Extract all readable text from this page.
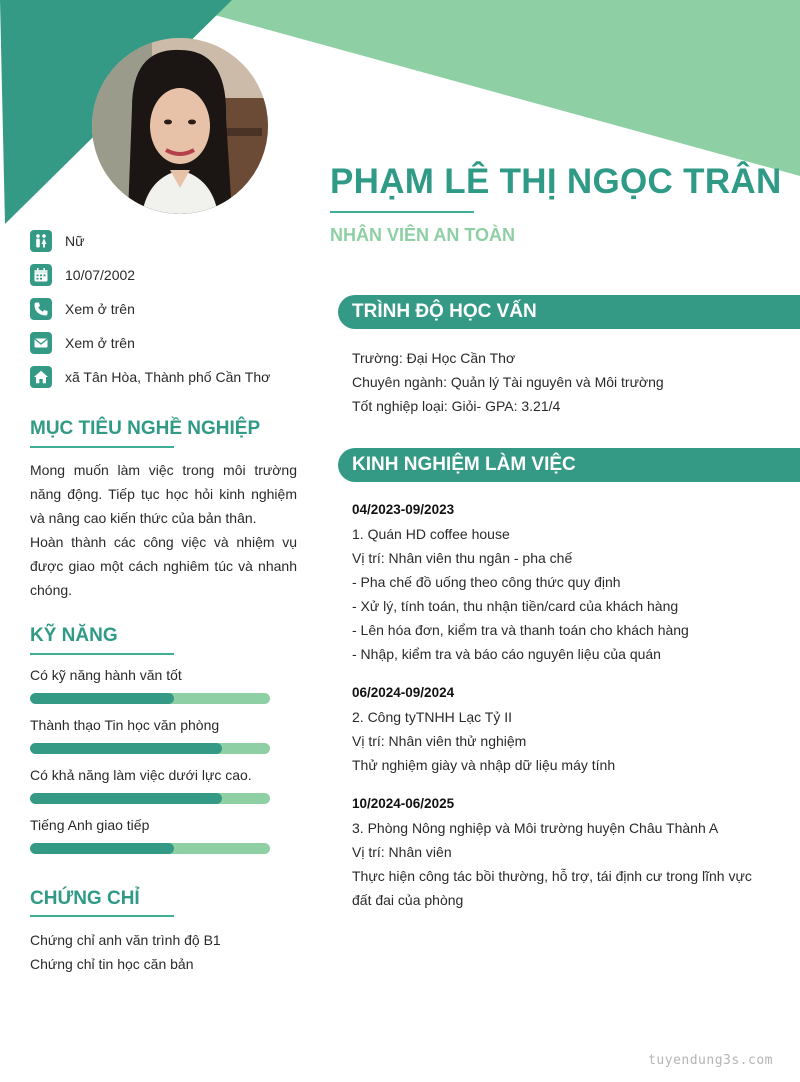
PHẠM LÊ THỊ NGỌC TRÂN
NHÂN VIÊN AN TOÀN
Nữ
10/07/2002
Xem ở trên
Xem ở trên
xã Tân Hòa, Thành phố Cần Thơ
MỤC TIÊU NGHỀ NGHIỆP

Mong muốn làm việc trong môi trường năng động. Tiếp tục học hỏi kinh nghiệm và nâng cao kiến thức của bản thân.

Hoàn thành các công việc và nhiệm vụ được giao một cách nghiêm túc và nhanh chóng.

KỸ NĂNG
Có kỹ năng hành văn tốt
Thành thạo Tin học văn phòng
Có khả năng làm việc dưới lực cao.
Tiếng Anh giao tiếp
CHỨNG CHỈ
Chứng chỉ anh văn trình độ B1
Chứng chỉ tin học căn bản
TRÌNH ĐỘ HỌC VẤN
Trường: Đại Học Cần Thơ
Chuyên ngành: Quản lý Tài nguyên và Môi trường
Tốt nghiệp loại: Giỏi- GPA: 3.21/4
KINH NGHIỆM LÀM VIỆC
04/2023-09/2023
1. Quán HD coffee house
Vị trí: Nhân viên thu ngân - pha chế
- Pha chế đồ uống theo công thức quy định
- Xử lý, tính toán, thu nhận tiền/card của khách hàng
- Lên hóa đơn, kiểm tra và thanh toán cho khách hàng
- Nhập, kiểm tra và báo cáo nguyên liệu của quán
06/2024-09/2024
2. Công tyTNHH Lạc Tỷ II
Vị trí: Nhân viên thử nghiệm
Thử nghiệm giày và nhập dữ liệu máy tính
10/2024-06/2025
3. Phòng Nông nghiệp và Môi trường huyện Châu Thành A
Vị trí: Nhân viên
Thực hiện công tác bồi thường, hỗ trợ, tái định cư trong lĩnh vực đất đai của phòng
tuyendung3s.com
